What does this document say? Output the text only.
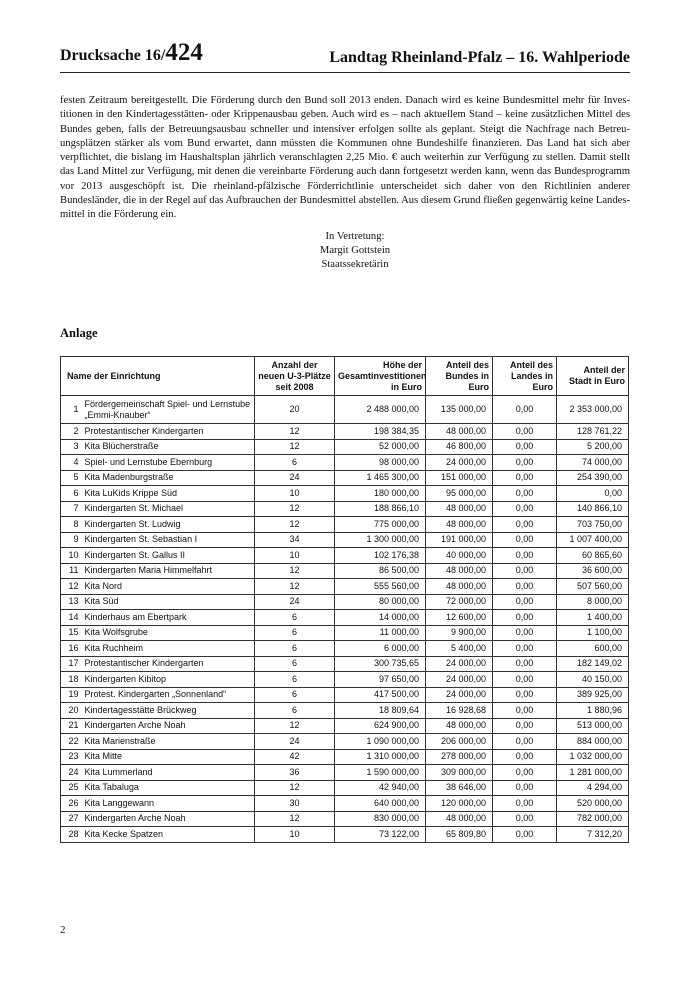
Drucksache 16/424	Landtag Rheinland-Pfalz – 16. Wahlperiode
festen Zeitraum bereitgestellt. Die Förderung durch den Bund soll 2013 enden. Danach wird es keine Bundesmittel mehr für Investitionen in den Kindertagesstätten- oder Krippenausbau geben. Auch wird es – nach aktuellem Stand – keine zusätzlichen Mittel des Bundes geben, falls der Betreuungsausbau schneller und intensiver erfolgen sollte als geplant. Steigt die Nachfrage nach Betreuungsplätzen stärker als vom Bund erwartet, dann müssten die Kommunen ohne Bundeshilfe finanzieren. Das Land hat sich aber verpflichtet, die bislang im Haushaltsplan jährlich veranschlagten 2,25 Mio. € auch weiterhin zur Verfügung zu stellen. Damit stellt das Land Mittel zur Verfügung, mit denen die vereinbarte Förderung auch dann fortgesetzt werden kann, wenn das Bundesprogramm vor 2013 ausgeschöpft ist. Die rheinland-pfälzische Förderrichtlinie unterscheidet sich daher von den Richtlinien anderer Bundesländer, die in der Regel auf das Aufbrauchen der Bundesmittel abstellen. Aus diesem Grund fließen gegenwärtig keine Landesmittel in die Förderung ein.
In Vertretung:
Margit Gottstein
Staatssekretärin
Anlage
Name der Einrichtung		Anzahl der neuen U-3-Plätze seit 2008	Höhe der Gesamtinvestitionen in Euro	Anteil des Bundes in Euro	Anteil des Landes in Euro	Anteil der Stadt in Euro
1	Fördergemeinschaft Spiel- und Lernstube „Emmi-Knauber“	20	2 488 000,00	135 000,00	0,00	2 353 000,00
2	Protestantischer Kindergarten	12	198 384,35	48 000,00	0,00	128 761,22
3	Kita Blücherstraße	12	52 000,00	46 800,00	0,00	5 200,00
4	Spiel- und Lernstube Ebernburg	6	98 000,00	24 000,00	0,00	74 000,00
5	Kita Madenburgstraße	24	1 465 300,00	151 000,00	0,00	254 390,00
6	Kita LuKids Krippe Süd	10	180 000,00	95 000,00	0,00	0,00
7	Kindergarten St. Michael	12	188 866,10	48 000,00	0,00	140 866,10
8	Kindergarten St. Ludwig	12	775 000,00	48 000,00	0,00	703 750,00
9	Kindergarten St. Sebastian I	34	1 300 000,00	191 000,00	0,00	1 007 400,00
10	Kindergarten St. Gallus II	10	102 176,38	40 000,00	0,00	60 865,60
11	Kindergarten Maria Himmelfahrt	12	86 500,00	48 000,00	0,00	36 600,00
12	Kita Nord	12	555 560,00	48 000,00	0,00	507 560,00
13	Kita Süd	24	80 000,00	72 000,00	0,00	8 000,00
14	Kinderhaus am Ebertpark	6	14 000,00	12 600,00	0,00	1 400,00
15	Kita Wolfsgrube	6	11 000,00	9 900,00	0,00	1 100,00
16	Kita Ruchheim	6	6 000,00	5 400,00	0,00	600,00
17	Protestantischer Kindergarten	6	300 735,65	24 000,00	0,00	182 149,02
18	Kindergarten Kibitop	6	97 650,00	24 000,00	0,00	40 150,00
19	Protest. Kindergarten „Sonnenland“	6	417 500,00	24 000,00	0,00	389 925,00
20	Kindertagesstätte Brückweg	6	18 809,64	16 928,68	0,00	1 880,96
21	Kindergarten Arche Noah	12	624 900,00	48 000,00	0,00	513 000,00
22	Kita Marienstraße	24	1 090 000,00	206 000,00	0,00	884 000,00
23	Kita Mitte	42	1 310 000,00	278 000,00	0,00	1 032 000,00
24	Kita Lummerland	36	1 590 000,00	309 000,00	0,00	1 281 000,00
25	Kita Tabaluga	12	42 940,00	38 646,00	0,00	4 294,00
26	Kita Langgewann	30	640 000,00	120 000,00	0,00	520 000,00
27	Kindergarten Arche Noah	12	830 000,00	48 000,00	0,00	782 000,00
28	Kita Kecke Spatzen	10	73 122,00	65 809,80	0,00	7 312,20
2
